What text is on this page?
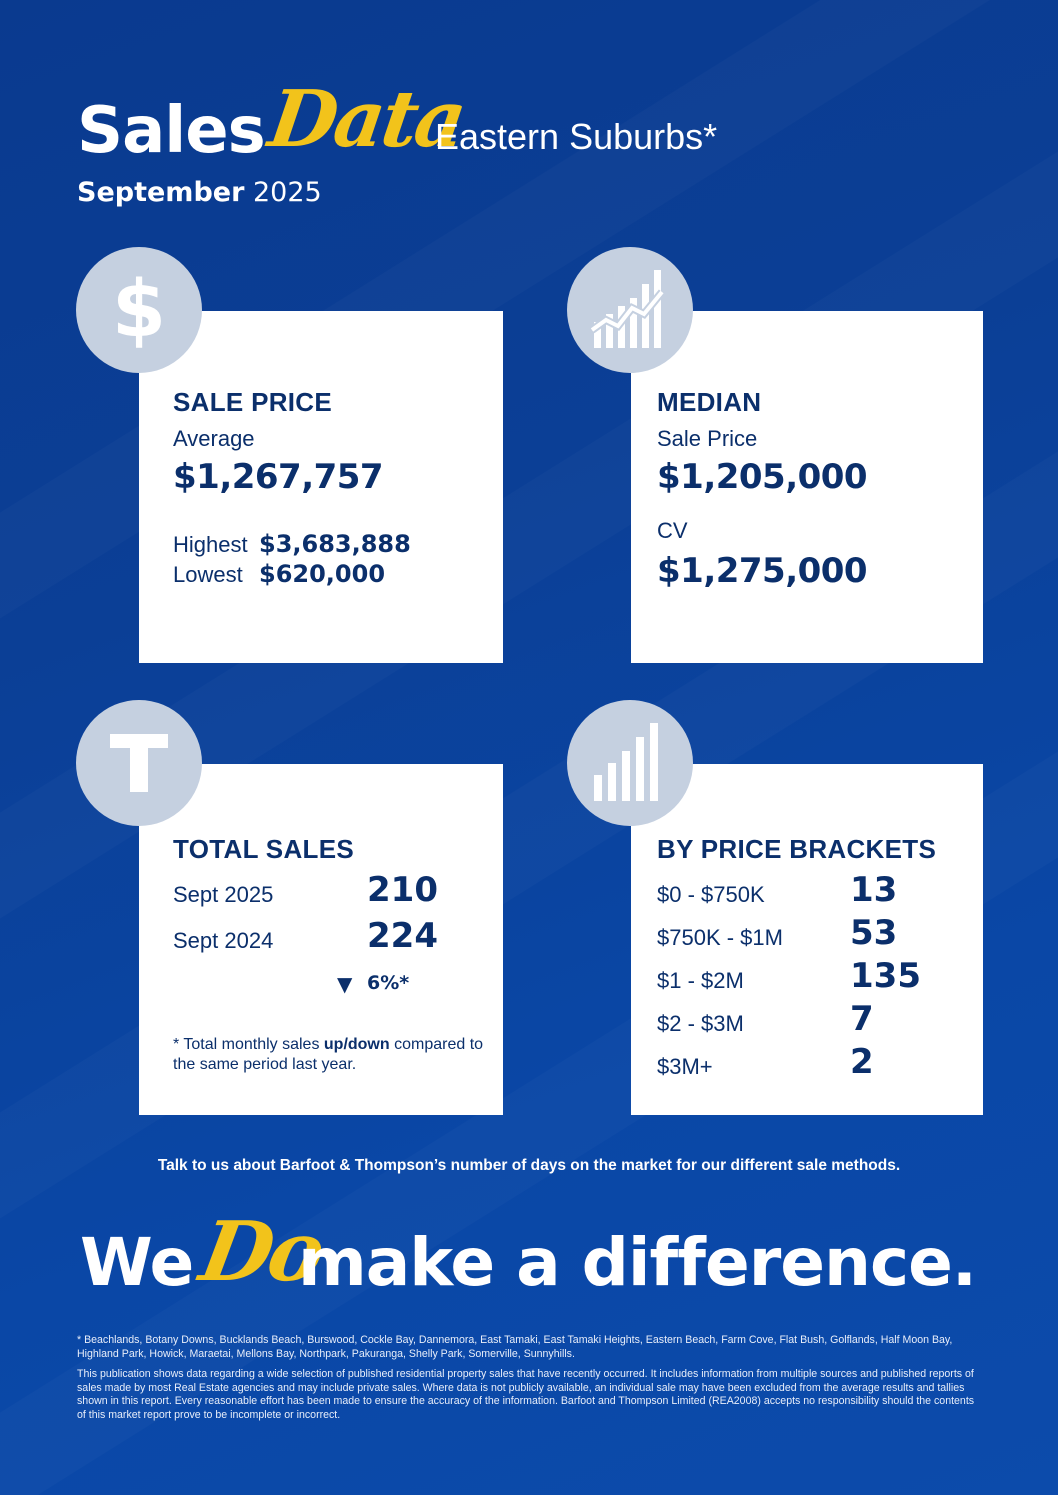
Sales
Data
Eastern Suburbs*
September 2025
SALE PRICE
Average
$1,267,757
Highest $3,683,888
Lowest $620,000
$
MEDIAN
Sale Price
$1,205,000
CV
$1,275,000
TOTAL SALES
Sept 2025	210
Sept 2024	224
▼ 6%*
* Total monthly sales up/down compared to the same period last year.
BY PRICE BRACKETS
$0 - $750K	13
$750K - $1M 53
$1 - $2M	135
$2 - $3M	7
$3M+	2
Talk to us about Barfoot & Thompson’s number of days on the market for our different sale methods.
We Do
make a difference.
* Beachlands, Botany Downs, Bucklands Beach, Burswood, Cockle Bay, Dannemora, East Tamaki, East Tamaki Heights, Eastern Beach, Farm Cove, Flat Bush, Golflands, Half Moon Bay, Highland Park, Howick, Maraetai, Mellons Bay, Northpark, Pakuranga, Shelly Park, Somerville, Sunnyhills.
This publication shows data regarding a wide selection of published residential property sales that have recently occurred. It includes information from multiple sources and published reports of sales made by most Real Estate agencies and may include private sales. Where data is not publicly available, an individual sale may have been excluded from the average results and tallies shown in this report. Every reasonable effort has been made to ensure the accuracy of the information. Barfoot and Thompson Limited (REA2008) accepts no responsibility should the contents of this market report prove to be incomplete or incorrect.
